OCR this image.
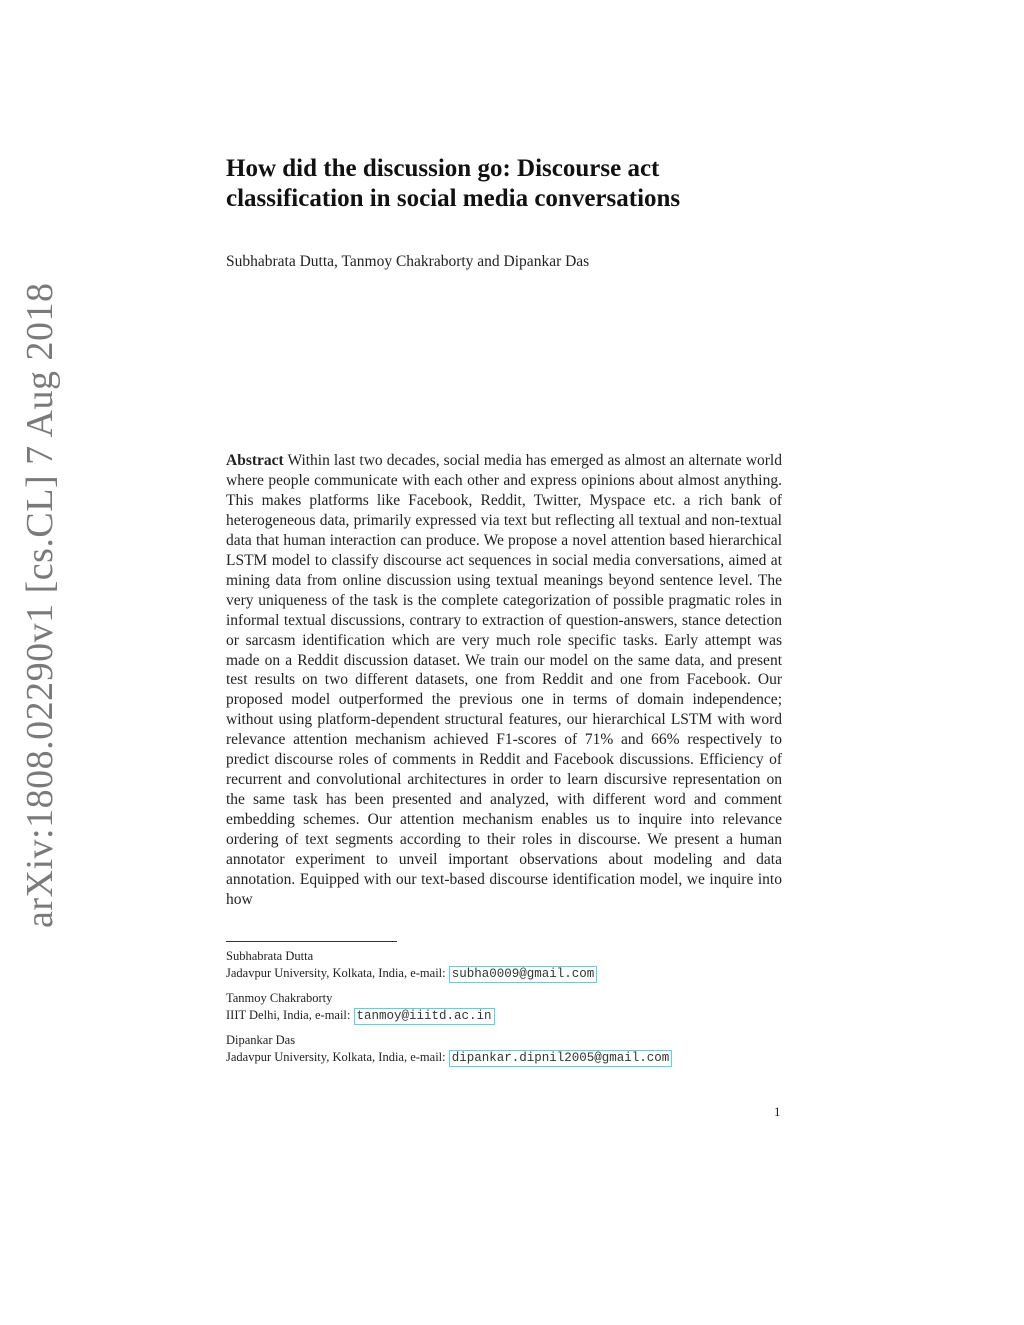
arXiv:1808.02290v1 [cs.CL] 7 Aug 2018
How did the discussion go: Discourse act classification in social media conversations
Subhabrata Dutta, Tanmoy Chakraborty and Dipankar Das
Abstract Within last two decades, social media has emerged as almost an alternate world where people communicate with each other and express opinions about almost anything. This makes platforms like Facebook, Reddit, Twitter, Myspace etc. a rich bank of heterogeneous data, primarily expressed via text but reflecting all textual and non-textual data that human interaction can produce. We propose a novel attention based hierarchical LSTM model to classify discourse act sequences in social media conversations, aimed at mining data from online discussion using textual meanings beyond sentence level. The very uniqueness of the task is the complete categorization of possible pragmatic roles in informal textual discussions, contrary to extraction of question-answers, stance detection or sarcasm identification which are very much role specific tasks. Early attempt was made on a Reddit discussion dataset. We train our model on the same data, and present test results on two different datasets, one from Reddit and one from Facebook. Our proposed model outperformed the previous one in terms of domain independence; without using platform-dependent structural features, our hierarchical LSTM with word relevance attention mechanism achieved F1-scores of 71% and 66% respectively to predict discourse roles of comments in Reddit and Facebook discussions. Efficiency of recurrent and convolutional architectures in order to learn discursive representation on the same task has been presented and analyzed, with different word and comment embedding schemes. Our attention mechanism enables us to inquire into relevance ordering of text segments according to their roles in discourse. We present a human annotator experiment to unveil important observations about modeling and data annotation. Equipped with our text-based discourse identification model, we inquire into how
Subhabrata Dutta
Jadavpur University, Kolkata, India, e-mail: subha0009@gmail.com
Tanmoy Chakraborty
IIIT Delhi, India, e-mail: tanmoy@iiitd.ac.in
Dipankar Das
Jadavpur University, Kolkata, India, e-mail: dipankar.dipnil2005@gmail.com
1
